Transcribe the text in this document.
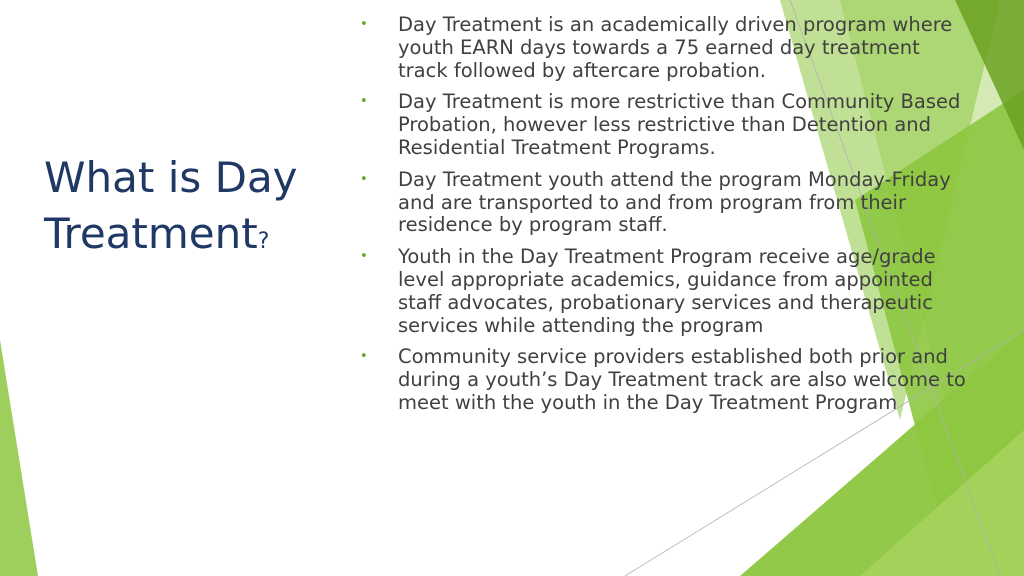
What is Day Treatment?
• Day Treatment is an academically driven program where youth EARN days towards a 75 earned day treatment track followed by aftercare probation.
• Day Treatment is more restrictive than Community Based Probation, however less restrictive than Detention and Residential Treatment Programs.
• Day Treatment youth attend the program Monday-Friday and are transported to and from program from their residence by program staff.
• Youth in the Day Treatment Program receive age/grade level appropriate academics, guidance from appointed staff advocates, probationary services and therapeutic services while attending the program
• Community service providers established both prior and during a youth’s Day Treatment track are also welcome to meet with the youth in the Day Treatment Program
